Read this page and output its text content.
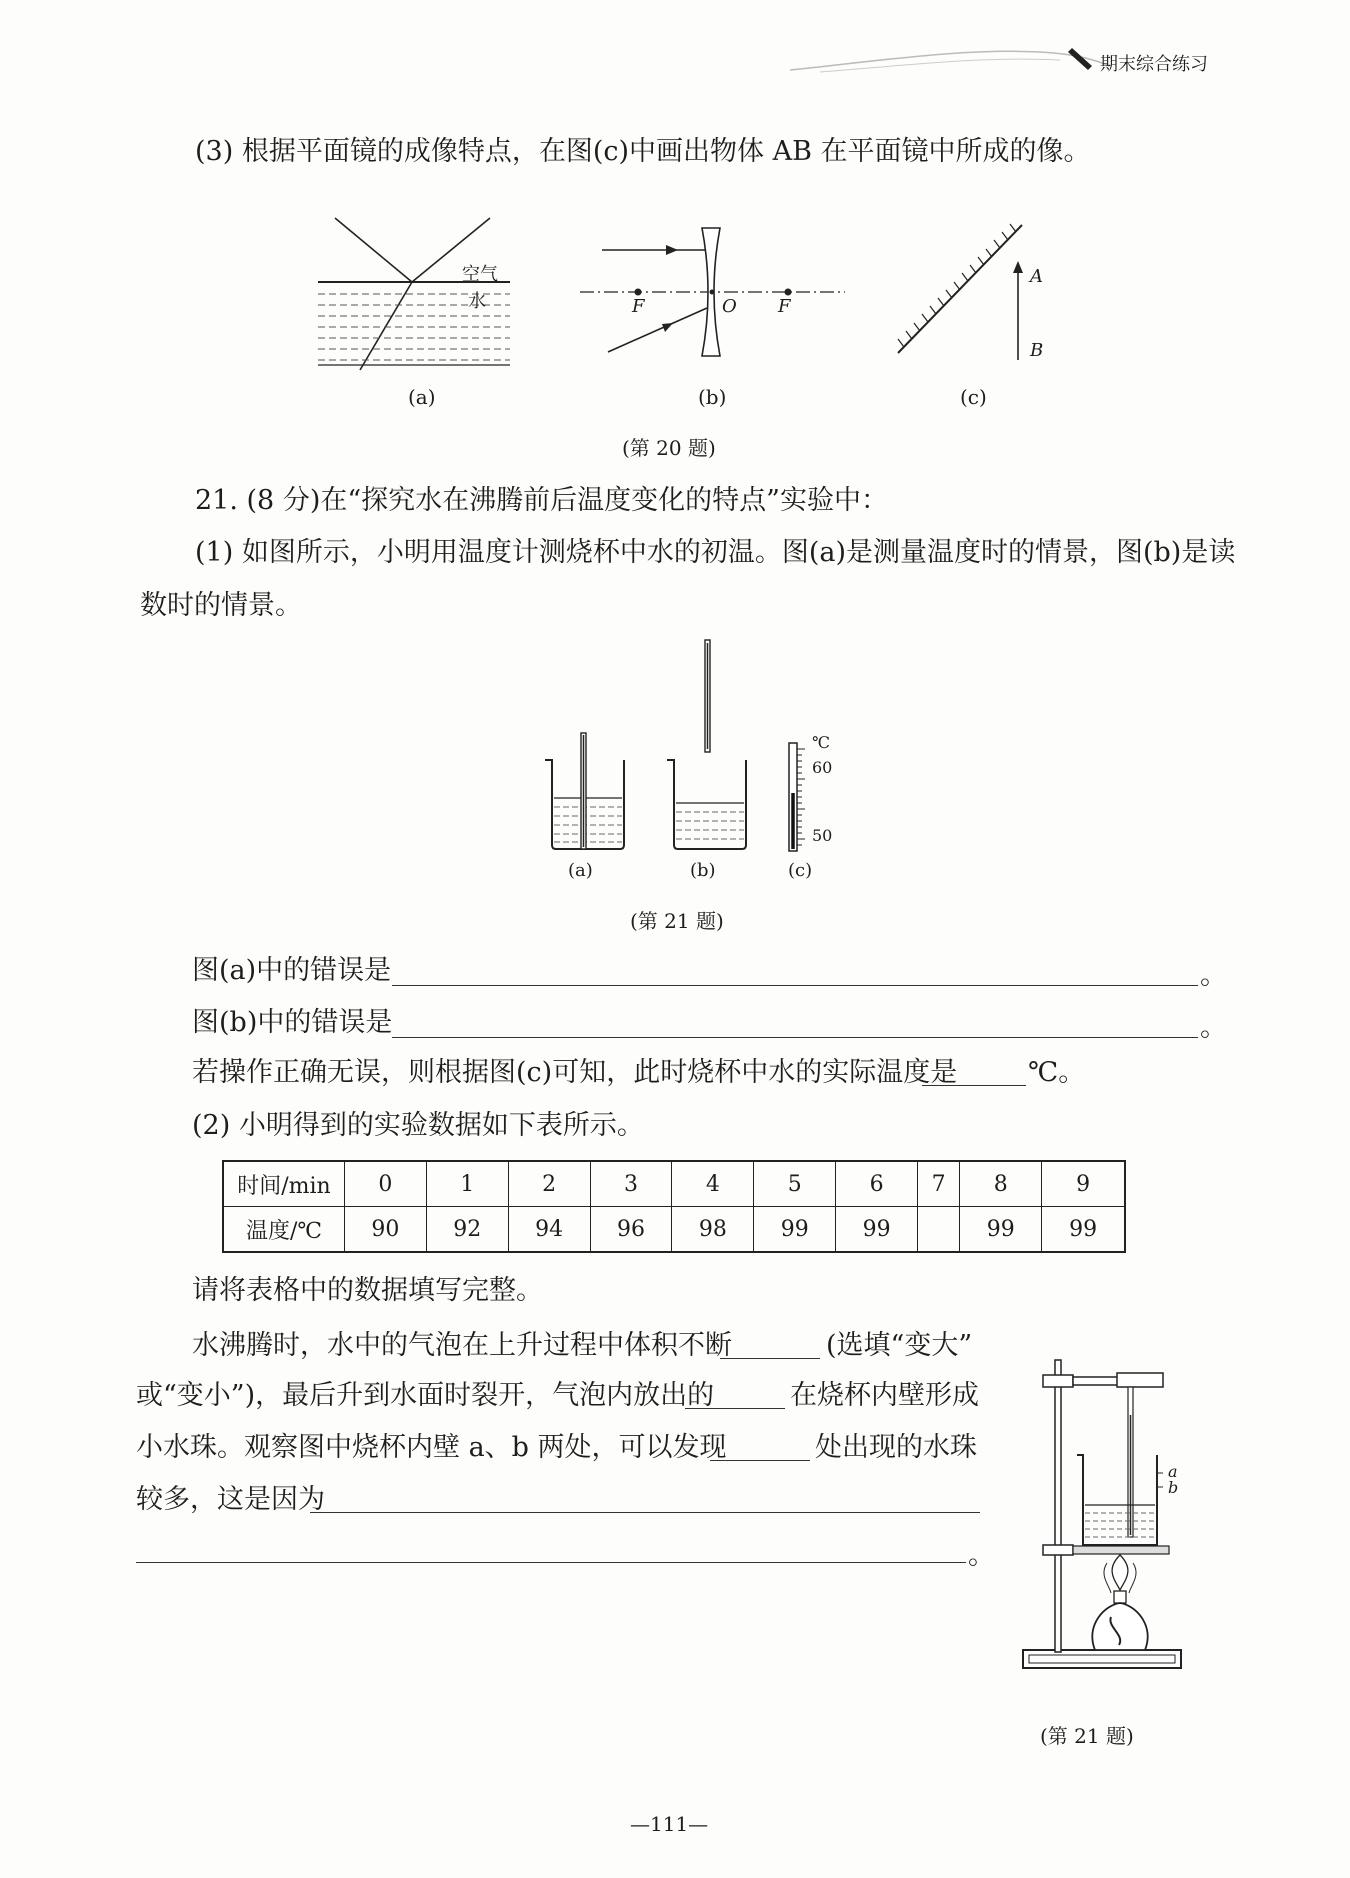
期末综合练习
(3) 根据平面镜的成像特点，在图(c)中画出物体 AB 在平面镜中所成的像。
空气
水
(a)
F	O F
(b)
A
B
(c)
(第 20 题)
21. (8 分)在“探究水在沸腾前后温度变化的特点”实验中：
(1) 如图所示，小明用温度计测烧杯中水的初温。图(a)是测量温度时的情景，图(b)是读
数时的情景。
℃
60
50
(a)	(b)	(c)
(第 21 题)
图(a)中的错误是	。
图(b)中的错误是	。
若操作正确无误，则根据图(c)可知，此时烧杯中水的实际温度是	℃。
(2) 小明得到的实验数据如下表所示。
时间/min	0	1	2	3	4	5	6	7	8	9
温度/℃	90	92	94	96	98	99	99		99	99
请将表格中的数据填写完整。
水沸腾时，水中的气泡在上升过程中体积不断	(选填“变大”
或“变小”)，最后升到水面时裂开，气泡内放出的	在烧杯内壁形成
小水珠。观察图中烧杯内壁 a、b 两处，可以发现	处出现的水珠
较多，这是因为
。
a
b
(第 21 题)
—111—
